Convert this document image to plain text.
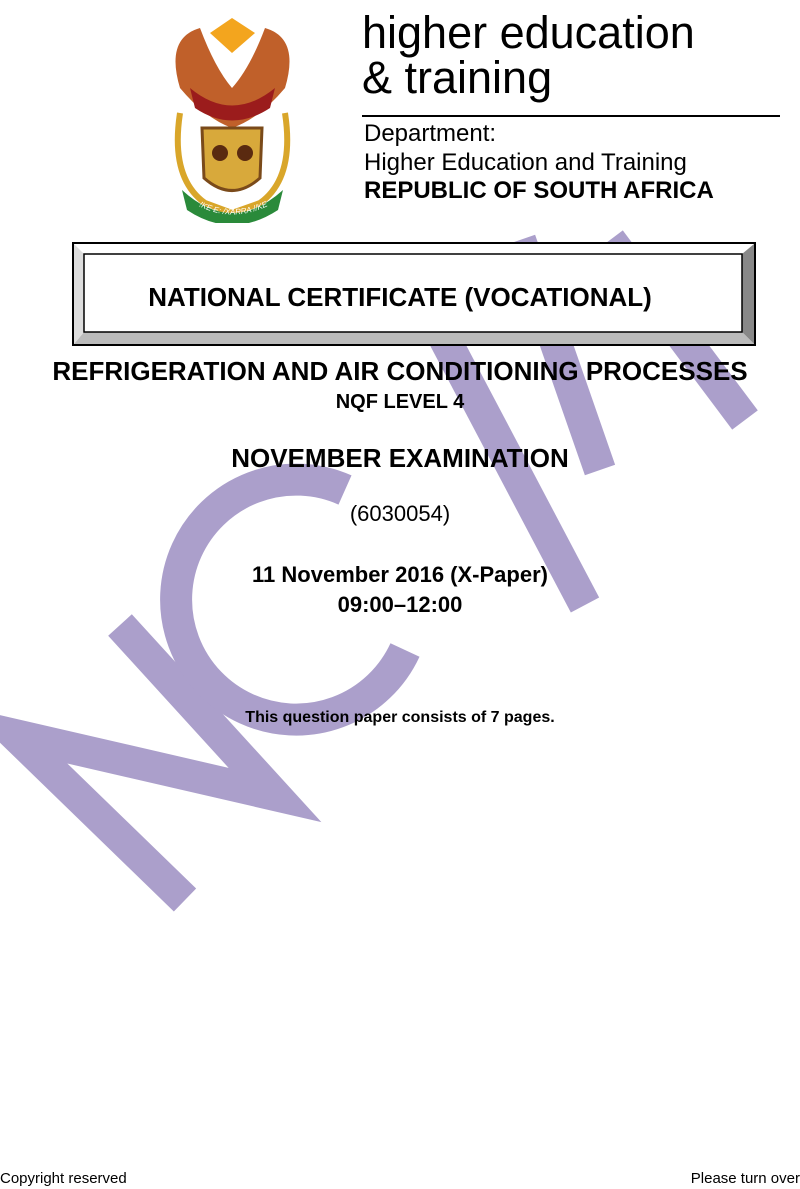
!KE E: /XARRA //KE
higher education
& training
Department:
Higher Education and Training
REPUBLIC OF SOUTH AFRICA
NATIONAL CERTIFICATE (VOCATIONAL)
REFRIGERATION AND AIR CONDITIONING PROCESSES
NQF LEVEL 4
NOVEMBER EXAMINATION
(6030054)
11 November 2016 (X-Paper)
09:00–12:00
This question paper consists of 7 pages.
Copyright reserved	Please turn over
